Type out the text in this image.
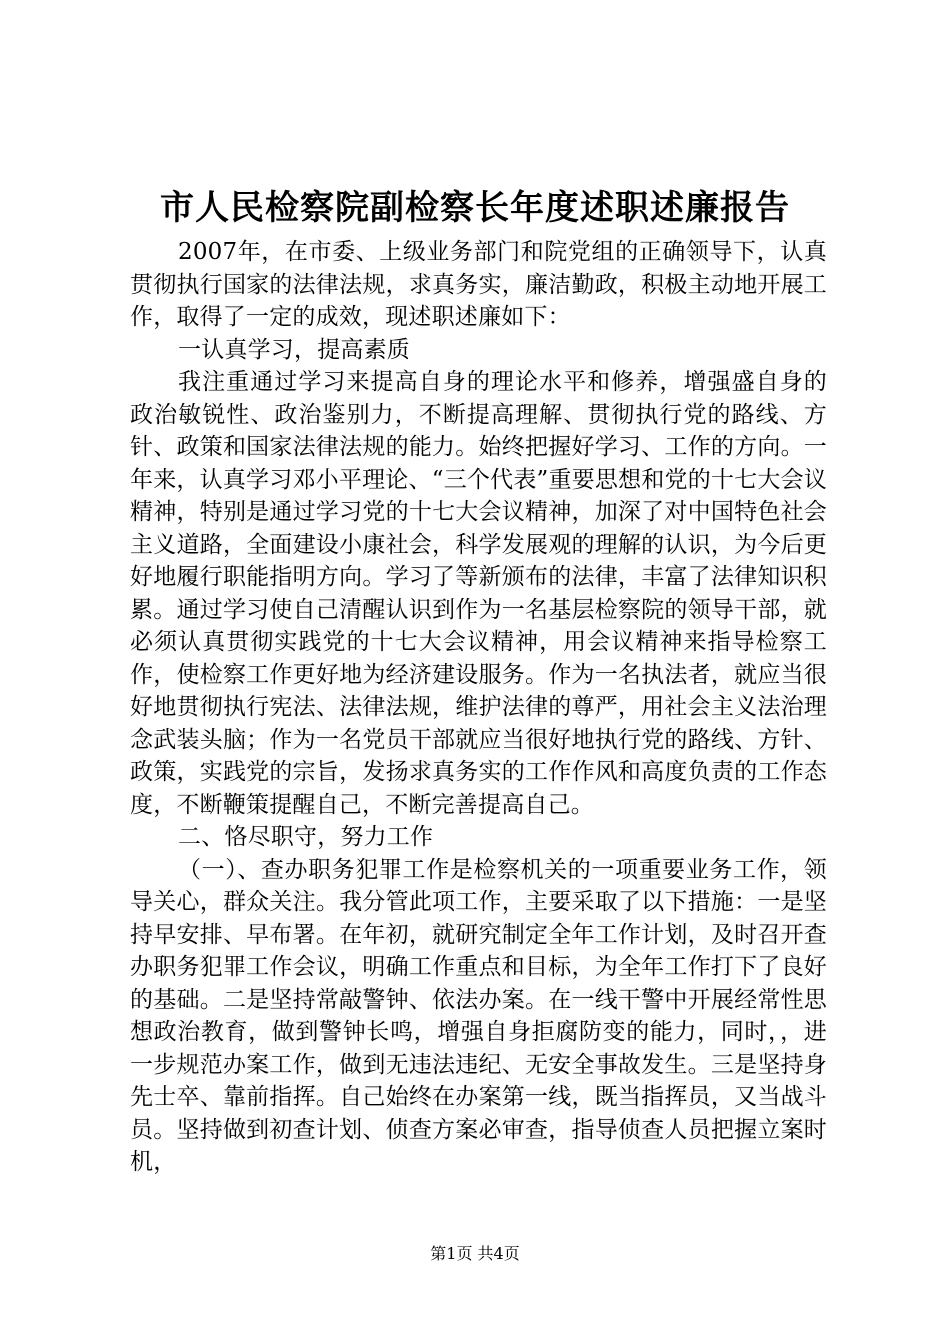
市人民检察院副检察长年度述职述廉报告

2007年，在市委、上级业务部门和院党组的正确领导下，认真贯彻执行国家的法律法规，求真务实，廉洁勤政，积极主动地开展工作，取得了一定的成效，现述职述廉如下：

一认真学习，提高素质

我注重通过学习来提高自身的理论水平和修养，增强盛自身的政治敏锐性、政治鉴别力，不断提高理解、贯彻执行党的路线、方针、政策和国家法律法规的能力。始终把握好学习、工作的方向。一年来，认真学习邓小平理论、“三个代表”重要思想和党的十七大会议精神，特别是通过学习党的十七大会议精神，加深了对中国特色社会主义道路，全面建设小康社会，科学发展观的理解的认识，为今后更好地履行职能指明方向。学习了等新颁布的法律，丰富了法律知识积累。通过学习使自己清醒认识到作为一名基层检察院的领导干部，就必须认真贯彻实践党的十七大会议精神，用会议精神来指导检察工作，使检察工作更好地为经济建设服务。作为一名执法者，就应当很好地贯彻执行宪法、法律法规，维护法律的尊严，用社会主义法治理念武装头脑；作为一名党员干部就应当很好地执行党的路线、方针、政策，实践党的宗旨，发扬求真务实的工作作风和高度负责的工作态度，不断鞭策提醒自己，不断完善提高自己。

二、恪尽职守，努力工作

（一）、查办职务犯罪工作是检察机关的一项重要业务工作，领导关心，群众关注。我分管此项工作，主要采取了以下措施：一是坚持早安排、早布署。在年初，就研究制定全年工作计划，及时召开查办职务犯罪工作会议，明确工作重点和目标，为全年工作打下了良好的基础。二是坚持常敲警钟、依法办案。在一线干警中开展经常性思想政治教育，做到警钟长鸣，增强自身拒腐防变的能力，同时，，进一步规范办案工作，做到无违法违纪、无安全事故发生。三是坚持身先士卒、靠前指挥。自己始终在办案第一线，既当指挥员，又当战斗员。坚持做到初查计划、侦查方案必审查，指导侦查人员把握立案时机，

第1页 共4页
